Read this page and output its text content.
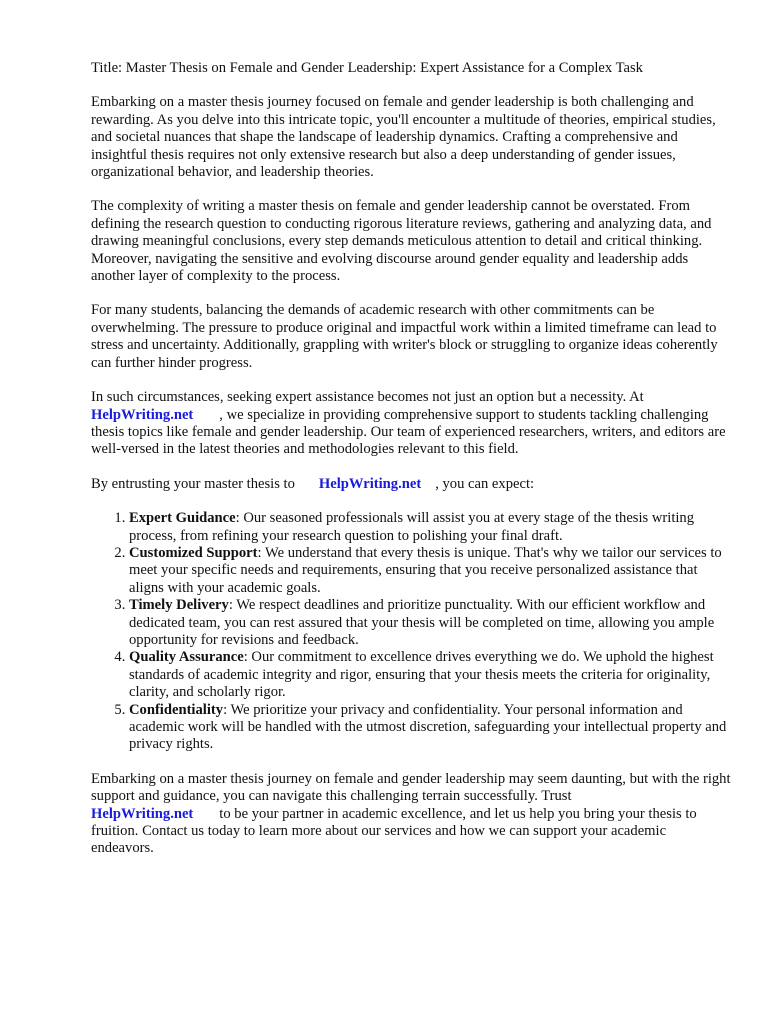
Title: Master Thesis on Female and Gender Leadership: Expert Assistance for a Complex Task

Embarking on a master thesis journey focused on female and gender leadership is both challenging and rewarding. As you delve into this intricate topic, you'll encounter a multitude of theories, empirical studies, and societal nuances that shape the landscape of leadership dynamics. Crafting a comprehensive and insightful thesis requires not only extensive research but also a deep understanding of gender issues, organizational behavior, and leadership theories.

The complexity of writing a master thesis on female and gender leadership cannot be overstated. From defining the research question to conducting rigorous literature reviews, gathering and analyzing data, and drawing meaningful conclusions, every step demands meticulous attention to detail and critical thinking. Moreover, navigating the sensitive and evolving discourse around gender equality and leadership adds another layer of complexity to the process.

For many students, balancing the demands of academic research with other commitments can be overwhelming. The pressure to produce original and impactful work within a limited timeframe can lead to stress and uncertainty. Additionally, grappling with writer's block or struggling to organize ideas coherently can further hinder progress.

In such circumstances, seeking expert assistance becomes not just an option but a necessity. At
HelpWriting.net , we specialize in providing comprehensive support to students tackling challenging thesis topics like female and gender leadership. Our team of experienced researchers, writers, and editors are well-versed in the latest theories and methodologies relevant to this field.

By entrusting your master thesis to HelpWriting.net , you can expect:

1. Expert Guidance: Our seasoned professionals will assist you at every stage of the thesis writing process, from refining your research question to polishing your final draft.
2. Customized Support: We understand that every thesis is unique. That's why we tailor our services to meet your specific needs and requirements, ensuring that you receive personalized assistance that aligns with your academic goals.
3. Timely Delivery: We respect deadlines and prioritize punctuality. With our efficient workflow and dedicated team, you can rest assured that your thesis will be completed on time, allowing you ample opportunity for revisions and feedback.
4. Quality Assurance: Our commitment to excellence drives everything we do. We uphold the highest standards of academic integrity and rigor, ensuring that your thesis meets the criteria for originality, clarity, and scholarly rigor.
5. Confidentiality: We prioritize your privacy and confidentiality. Your personal information and academic work will be handled with the utmost discretion, safeguarding your intellectual property and privacy rights.

Embarking on a master thesis journey on female and gender leadership may seem daunting, but with the right support and guidance, you can navigate this challenging terrain successfully. Trust
HelpWriting.net to be your partner in academic excellence, and let us help you bring your thesis to fruition. Contact us today to learn more about our services and how we can support your academic endeavors.
